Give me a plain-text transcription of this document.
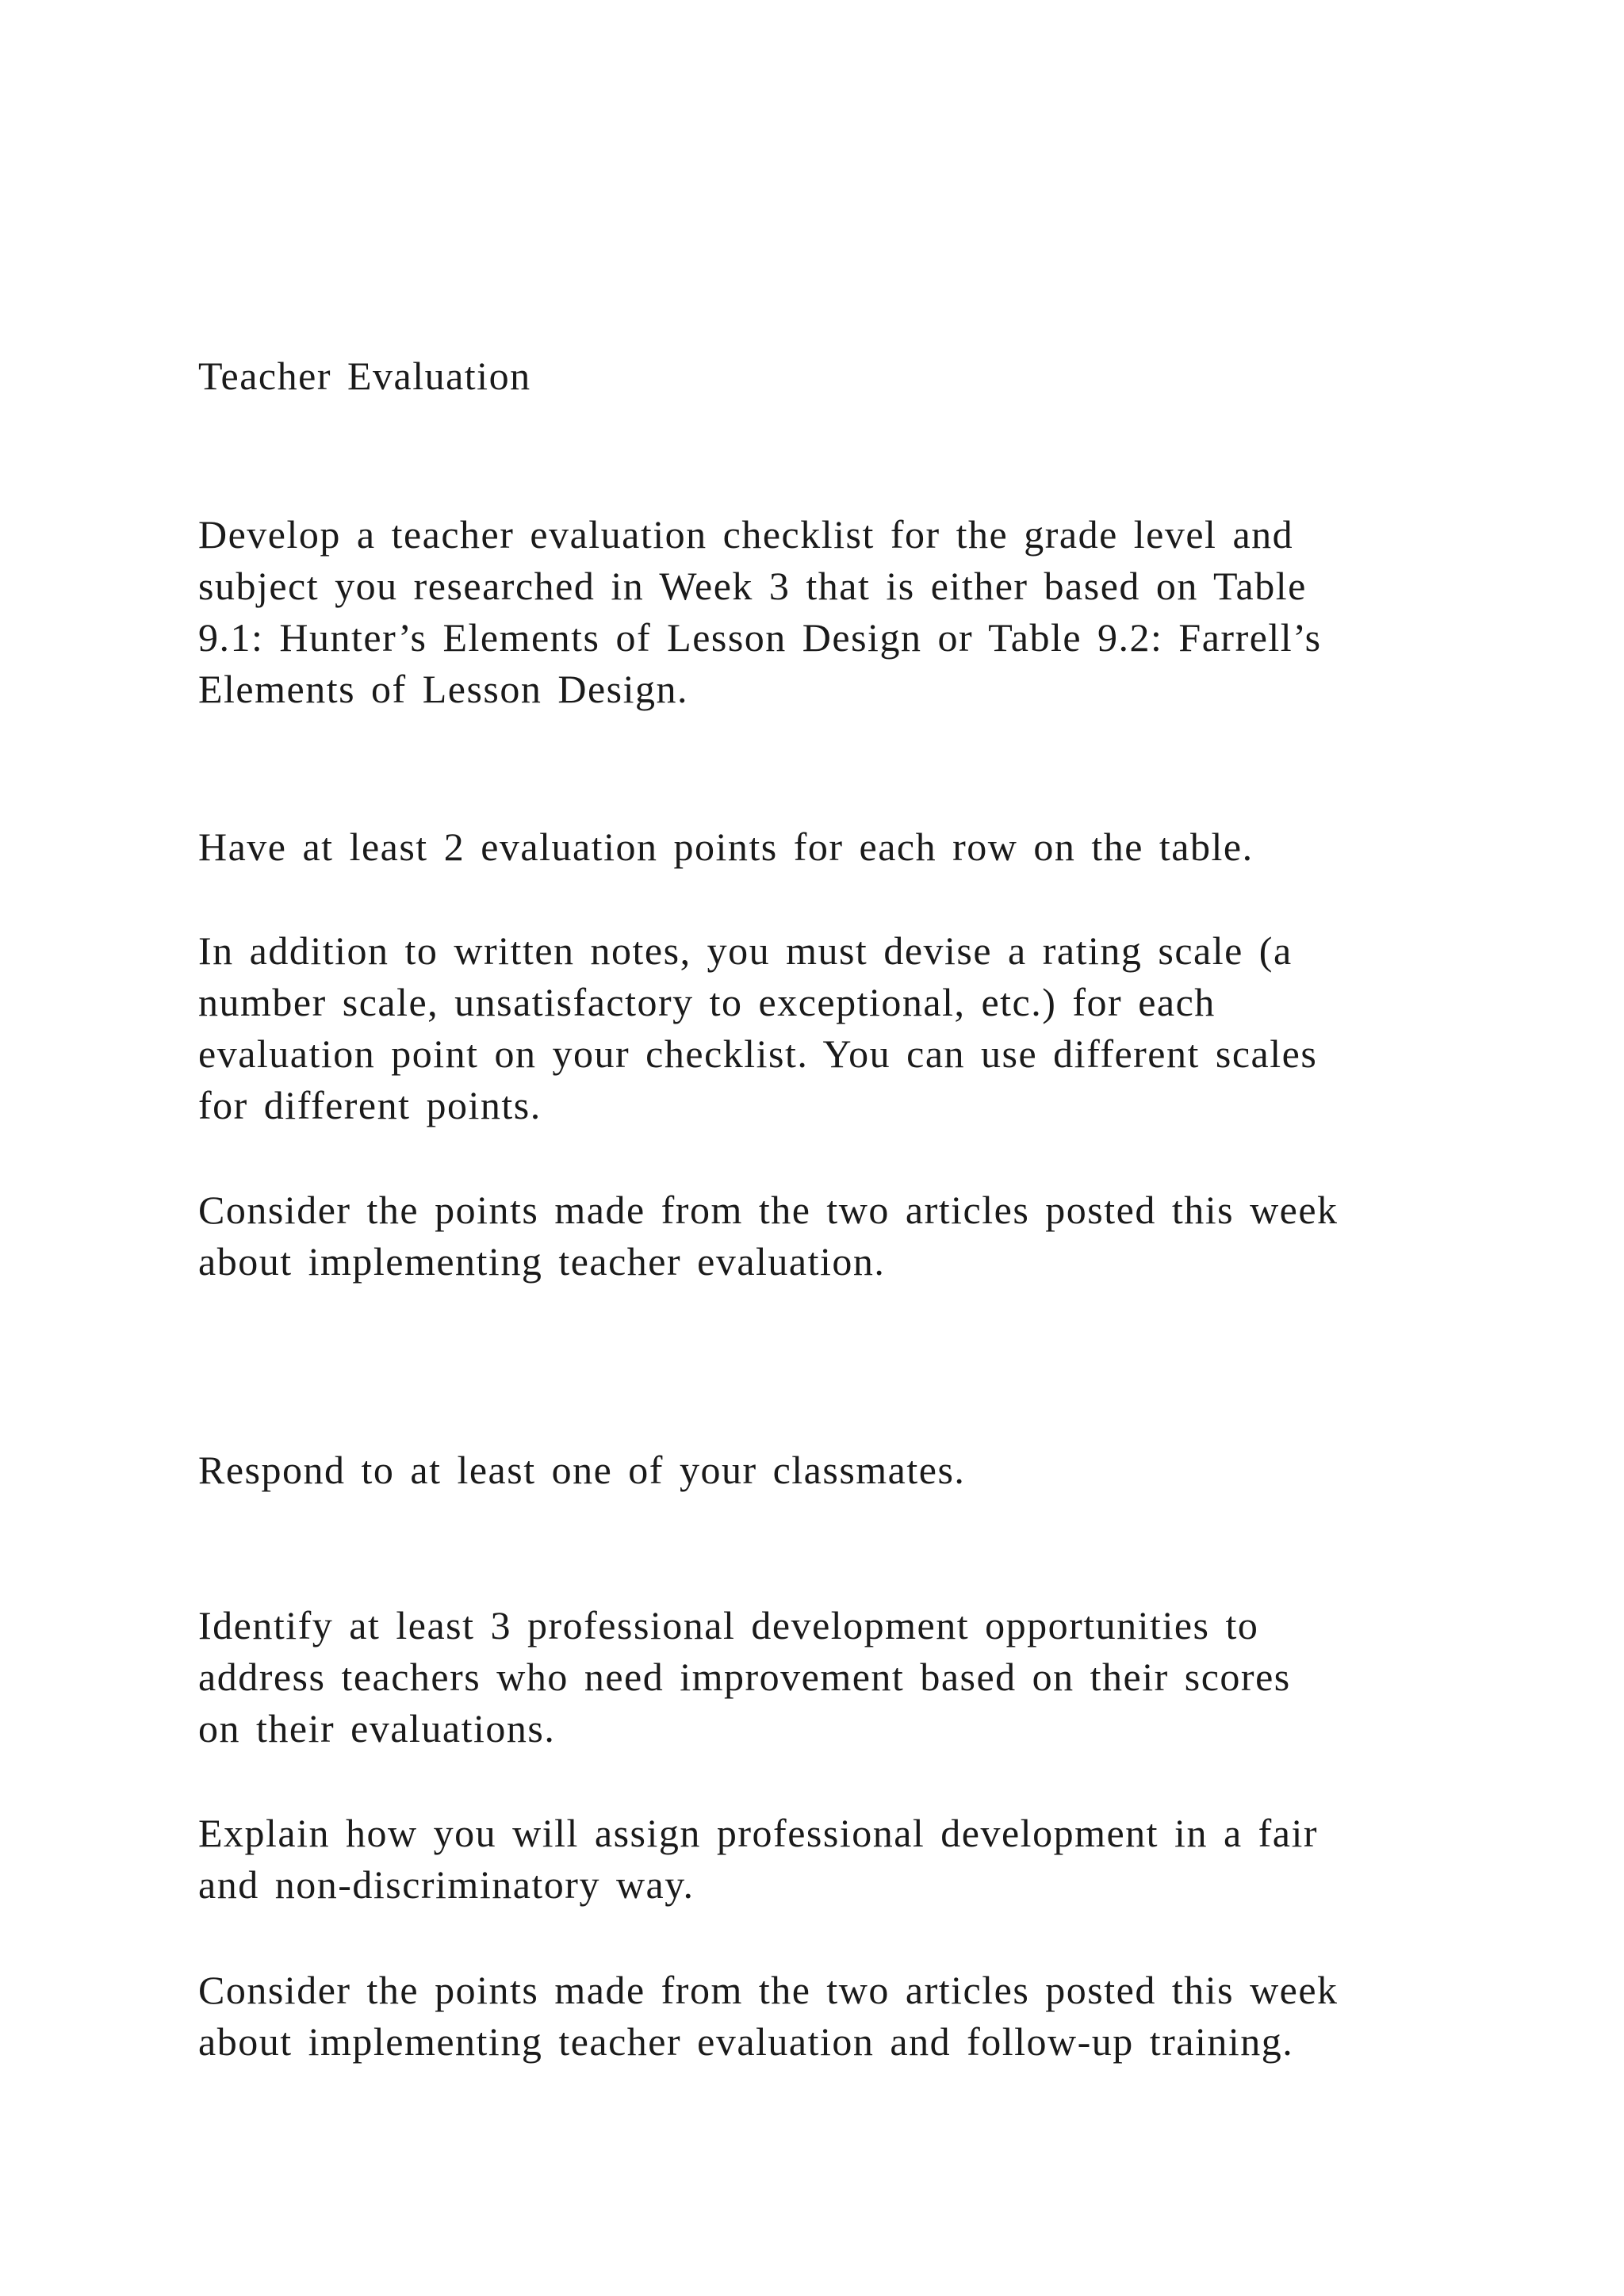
Teacher Evaluation
Develop a teacher evaluation checklist for the grade level and
subject you researched in Week 3 that is either based on Table
9.1: Hunter’s Elements of Lesson Design or Table 9.2: Farrell’s
Elements of Lesson Design.
Have at least 2 evaluation points for each row on the table.
In addition to written notes, you must devise a rating scale (a
number scale, unsatisfactory to exceptional, etc.) for each
evaluation point on your checklist. You can use different scales
for different points.
Consider the points made from the two articles posted this week
about implementing teacher evaluation.
Respond to at least one of your classmates.
Identify at least 3 professional development opportunities to
address teachers who need improvement based on their scores
on their evaluations.
Explain how you will assign professional development in a fair
and non-discriminatory way.
Consider the points made from the two articles posted this week
about implementing teacher evaluation and follow-up training.
